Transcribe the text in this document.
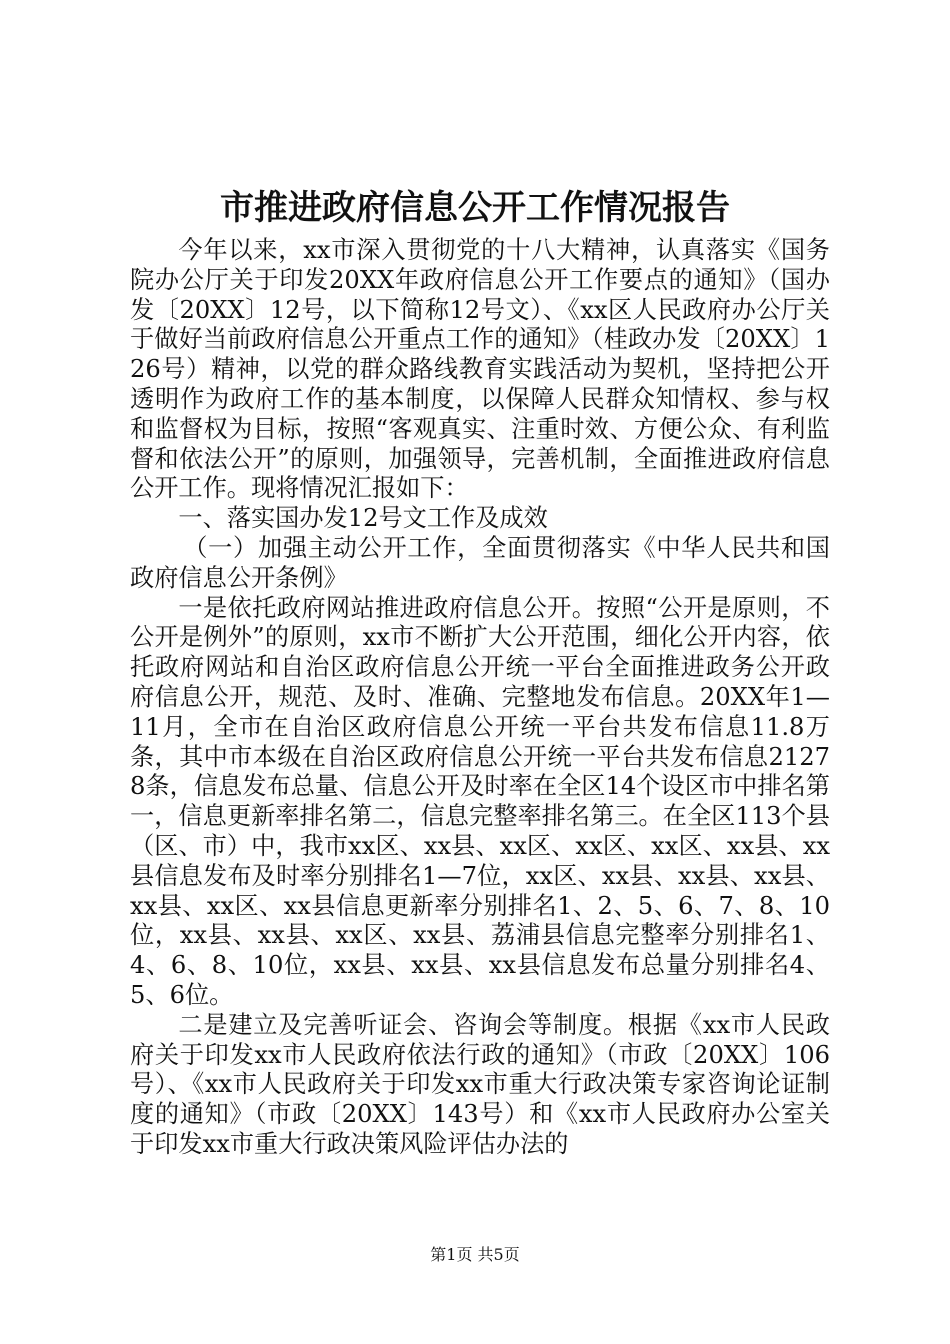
市推进政府信息公开工作情况报告

今年以来，xx市深入贯彻党的十八大精神，认真落实《国务院办公厅关于印发20XX年政府信息公开工作要点的通知》（国办发〔20XX〕12号，以下简称12号文）、《xx区人民政府办公厅关于做好当前政府信息公开重点工作的通知》（桂政办发〔20XX〕126号）精神，以党的群众路线教育实践活动为契机，坚持把公开透明作为政府工作的基本制度，以保障人民群众知情权、参与权和监督权为目标，按照“客观真实、注重时效、方便公众、有利监督和依法公开”的原则，加强领导，完善机制，全面推进政府信息公开工作。现将情况汇报如下：

一、落实国办发12号文工作及成效

（一）加强主动公开工作，全面贯彻落实《中华人民共和国政府信息公开条例》

一是依托政府网站推进政府信息公开。按照“公开是原则，不公开是例外”的原则，xx市不断扩大公开范围，细化公开内容，依托政府网站和自治区政府信息公开统一平台全面推进政务公开政府信息公开，规范、及时、准确、完整地发布信息。20XX年1—11月，全市在自治区政府信息公开统一平台共发布信息11.8万条，其中市本级在自治区政府信息公开统一平台共发布信息21278条，信息发布总量、信息公开及时率在全区14个设区市中排名第一，信息更新率排名第二，信息完整率排名第三。在全区113个县（区、市）中，我市xx区、xx县、xx区、xx区、xx区、xx县、xx县信息发布及时率分别排名1—7位，xx区、xx县、xx县、xx县、xx县、xx区、xx县信息更新率分别排名1、2、5、6、7、8、10位，xx县、xx县、xx区、xx县、荔浦县信息完整率分别排名1、4、6、8、10位，xx县、xx县、xx县信息发布总量分别排名4、5、6位。

二是建立及完善听证会、咨询会等制度。根据《xx市人民政府关于印发xx市人民政府依法行政的通知》（市政〔20XX〕106号）、《xx市人民政府关于印发xx市重大行政决策专家咨询论证制度的通知》（市政〔20XX〕143号）和《xx市人民政府办公室关于印发xx市重大行政决策风险评估办法的

第1页 共5页
